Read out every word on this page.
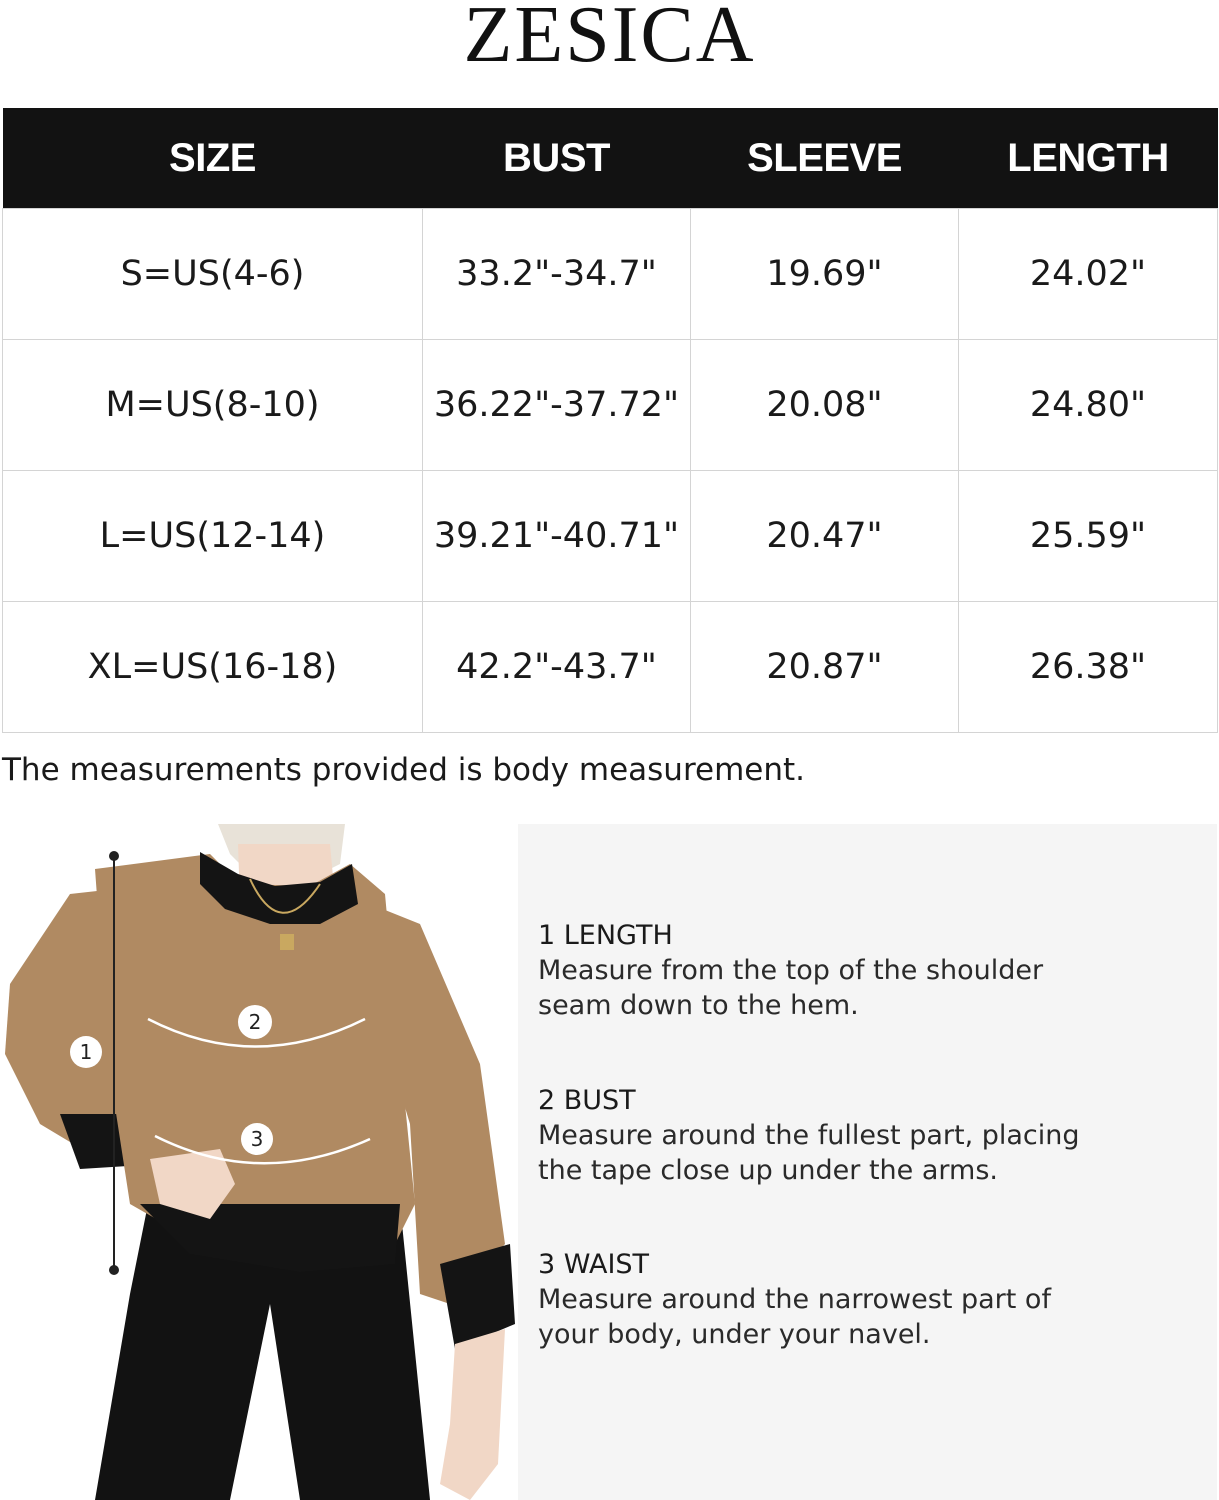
ZESICA
SIZE	BUST	SLEEVE	LENGTH
S=US(4-6)	33.2"-34.7"	19.69"	24.02"
M=US(8-10)	36.22"-37.72"	20.08"	24.80"
L=US(12-14)	39.21"-40.71"	20.47"	25.59"
XL=US(16-18)	42.2"-43.7"	20.87"	26.38"
The measurements provided is body measurement.
1
2
3
1 LENGTH
Measure from the top of the shoulder
seam down to the hem.
2 BUST
Measure around the fullest part, placing
the tape close up under the arms.
3 WAIST
Measure around the narrowest part of
your body, under your navel.
